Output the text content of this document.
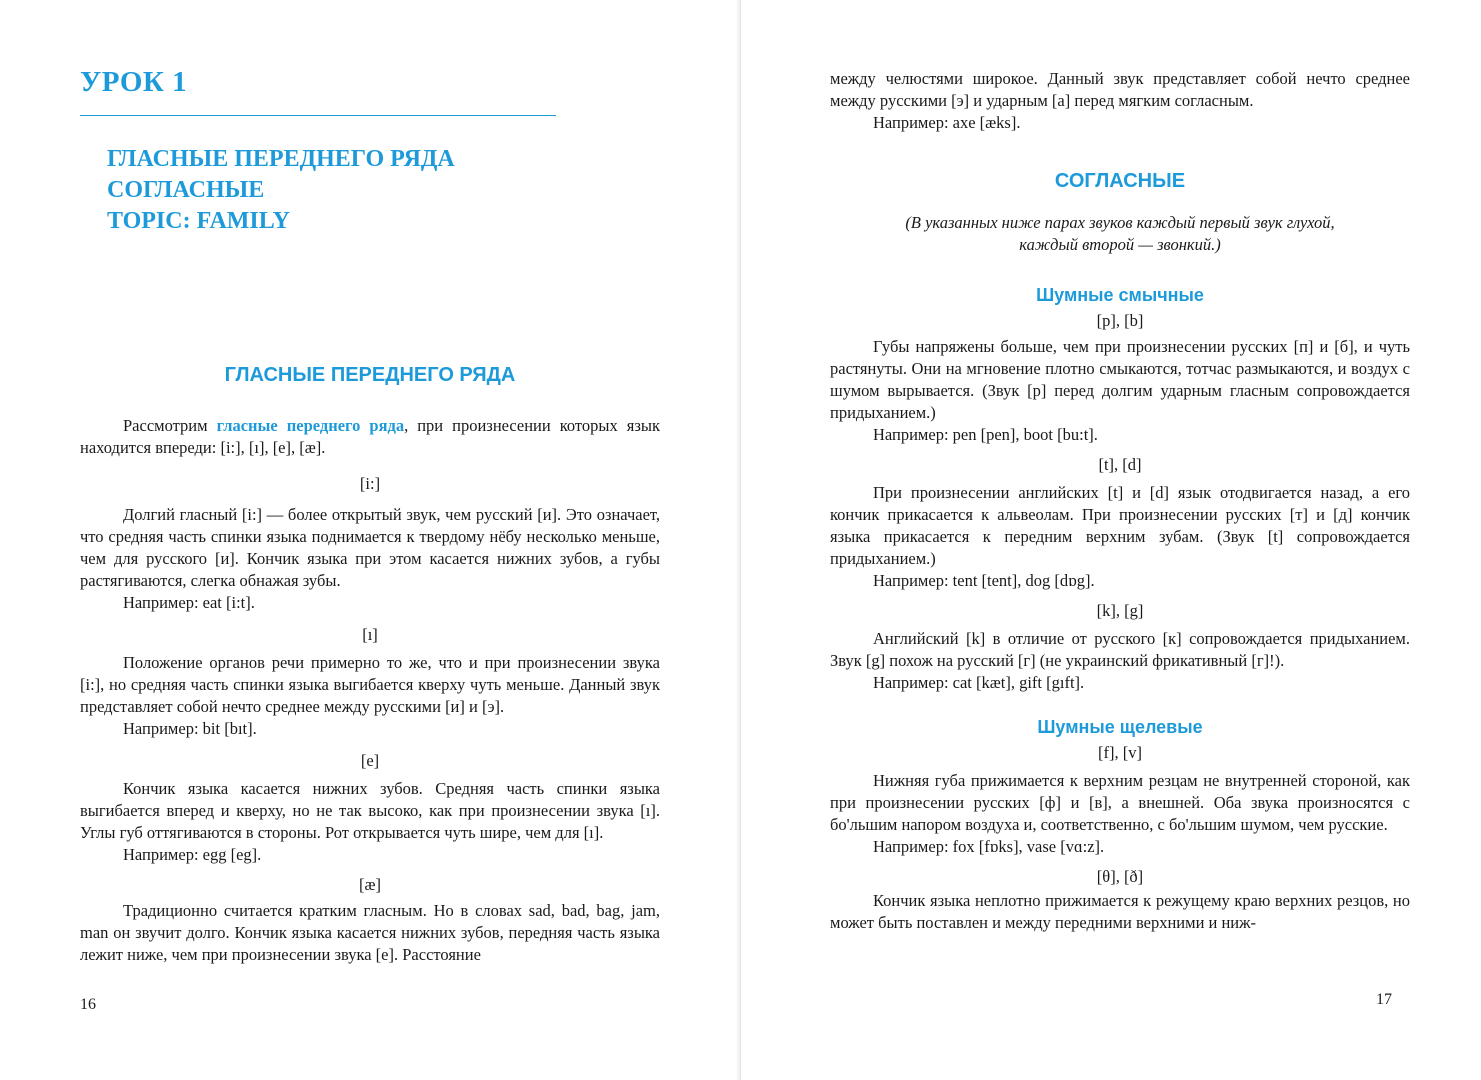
УРОК 1
ГЛАСНЫЕ ПЕРЕДНЕГО РЯДА
СОГЛАСНЫЕ
TOPIC: FAMILY
ГЛАСНЫЕ ПЕРЕДНЕГО РЯДА

Рассмотрим гласные переднего ряда, при произнесении которых язык находится впереди: [i:], [ı], [e], [æ].

[i:]

Долгий гласный [i:] — более открытый звук, чем русский [и]. Это означает, что средняя часть спинки языка поднимается к твердому нёбу несколько меньше, чем для русского [и]. Кончик языка при этом касается нижних зубов, а губы растягиваются, слегка обнажая зубы.

Например: eat [i:t].

[ı]

Положение органов речи примерно то же, что и при произнесении звука [i:], но средняя часть спинки языка выгибается кверху чуть меньше. Данный звук представляет собой нечто среднее между русскими [и] и [э].

Например: bit [bıt].

[e]

Кончик языка касается нижних зубов. Средняя часть спинки языка выгибается вперед и кверху, но не так высоко, как при произнесении звука [ı]. Углы губ оттягиваются в стороны. Рот открывается чуть шире, чем для [ı].

Например: egg [eg].

[æ]

Традиционно считается кратким гласным. Но в словах sad, bad, bag, jam, man он звучит долго. Кончик языка касается нижних зубов, передняя часть языка лежит ниже, чем при произнесении звука [e]. Расстояние

16

между челюстями широкое. Данный звук представляет собой нечто среднее между русскими [э] и ударным [а] перед мягким согласным.

Например: axe [æks].

СОГЛАСНЫЕ

(В указанных ниже парах звуков каждый первый звук глухой, каждый второй — звонкий.)

Шумные смычные

[p], [b]

Губы напряжены больше, чем при произнесении русских [п] и [б], и чуть растянуты. Они на мгновение плотно смыкаются, тотчас размыкаются, и воздух с шумом вырывается. (Звук [p] перед долгим ударным гласным сопровождается придыханием.)

Например: pen [pen], boot [bu:t].

[t], [d]

При произнесении английских [t] и [d] язык отодвигается назад, а его кончик прикасается к альвеолам. При произнесении русских [т] и [д] кончик языка прикасается к передним верхним зубам. (Звук [t] сопровождается придыханием.)

Например: tent [tent], dog [dɒg].

[k], [g]

Английский [k] в отличие от русского [к] сопровождается придыханием. Звук [g] похож на русский [г] (не украинский фрикативный [г]!).

Например: cat [kæt], gift [gıft].

Шумные щелевые

[f], [v]

Нижняя губа прижимается к верхним резцам не внутренней стороной, как при произнесении русских [ф] и [в], а внешней. Оба звука произносятся с бо'льшим напором воздуха и, соответственно, с бо'льшим шумом, чем русские.

Например: fox [fɒks], vase [vɑ:z].

[θ], [ð]

Кончик языка неплотно прижимается к режущему краю верхних резцов, но может быть поставлен и между передними верхними и ниж-

17
